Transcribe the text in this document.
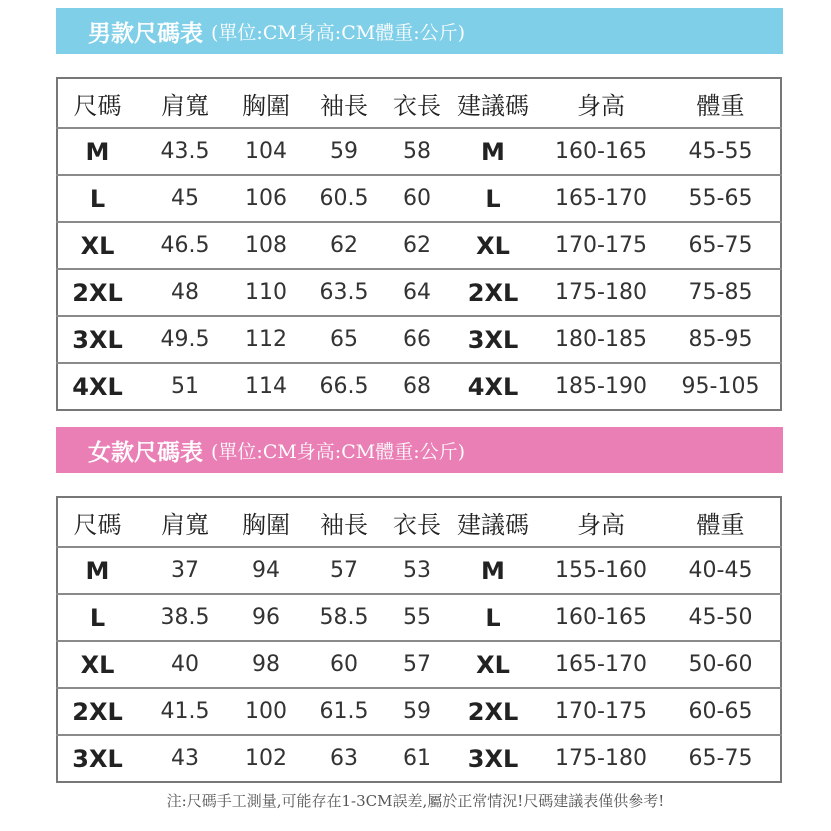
男款尺碼表 (單位:CM身高:CM體重:公斤)
尺碼	肩寬	胸圍	袖長	衣長	建議碼	身高	體重
M	43.5	104	59	58	M	160-165	45-55
L	45	106	60.5	60	L	165-170	55-65
XL	46.5	108	62	62	XL	170-175	65-75
2XL	48	110	63.5	64	2XL	175-180	75-85
3XL	49.5	112	65	66	3XL	180-185	85-95
4XL	51	114	66.5	68	4XL	185-190	95-105
女款尺碼表 (單位:CM身高:CM體重:公斤)
尺碼	肩寬	胸圍	袖長	衣長	建議碼	身高	體重
M	37	94	57	53	M	155-160	40-45
L	38.5	96	58.5	55	L	160-165	45-50
XL	40	98	60	57	XL	165-170	50-60
2XL	41.5	100	61.5	59	2XL	170-175	60-65
3XL	43	102	63	61	3XL	175-180	65-75
注:尺碼手工測量,可能存在1-3CM誤差,屬於正常情況!尺碼建議表僅供參考!
